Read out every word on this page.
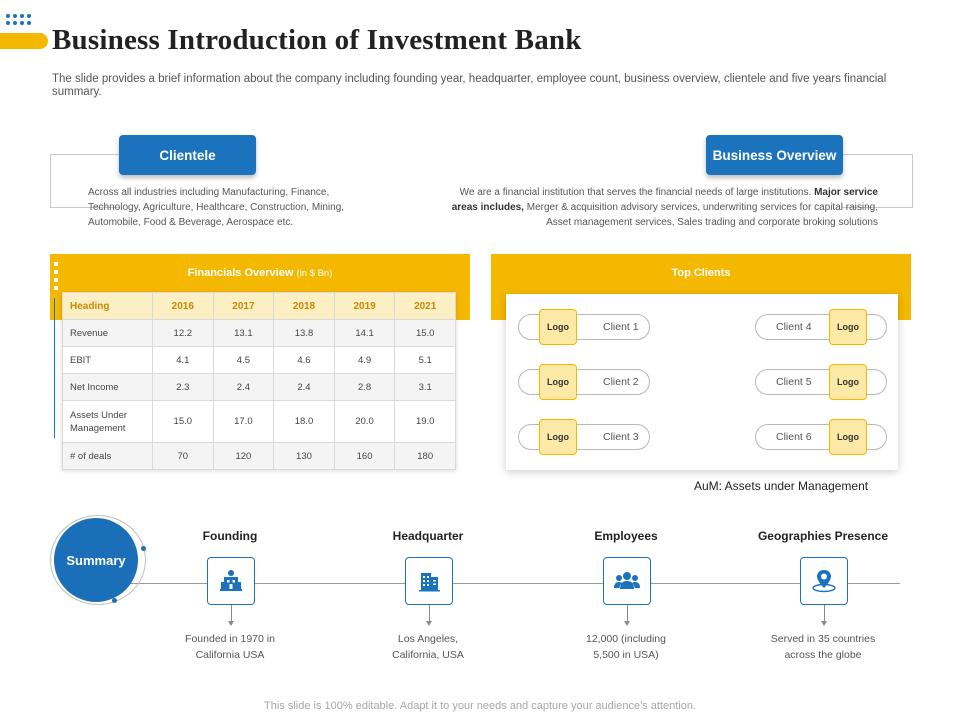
Business Introduction of Investment Bank

The slide provides a brief information about the company including founding year, headquarter, employee count, business overview, clientele and five years financial summary.

Clientele

Across all industries including Manufacturing, Finance, Technology, Agriculture, Healthcare, Construction, Mining, Automobile, Food & Beverage, Aerospace etc.

Business Overview

We are a financial institution that serves the financial needs of large institutions. Major service areas includes, Merger & acquisition advisory services, underwriting services for capital raising, Asset management services, Sales trading and corporate broking solutions

Financials Overview (in $ Bn)
Heading	2016	2017	2018	2019	2021
Revenue	12.2	13.1	13.8	14.1	15.0
EBIT	4.1	4.5	4.6	4.9	5.1
Net Income	2.3	2.4	2.4	2.8	3.1
Assets Under Management	15.0	17.0	18.0	20.0	19.0
# of deals	70	120	130	160	180
Top Clients
Logo	Client 1
Logo	Client 2
Logo	Client 3
Client 4	Logo
Client 5	Logo
Client 6	Logo
AuM: Assets under Management
Summary
Founding
Founded in 1970 in
California USA
Headquarter
Los Angeles,
California, USA
Employees
12,000 (including
5,500 in USA)
Geographies Presence
Served in 35 countries
across the globe
This slide is 100% editable. Adapt it to your needs and capture your audience's attention.
